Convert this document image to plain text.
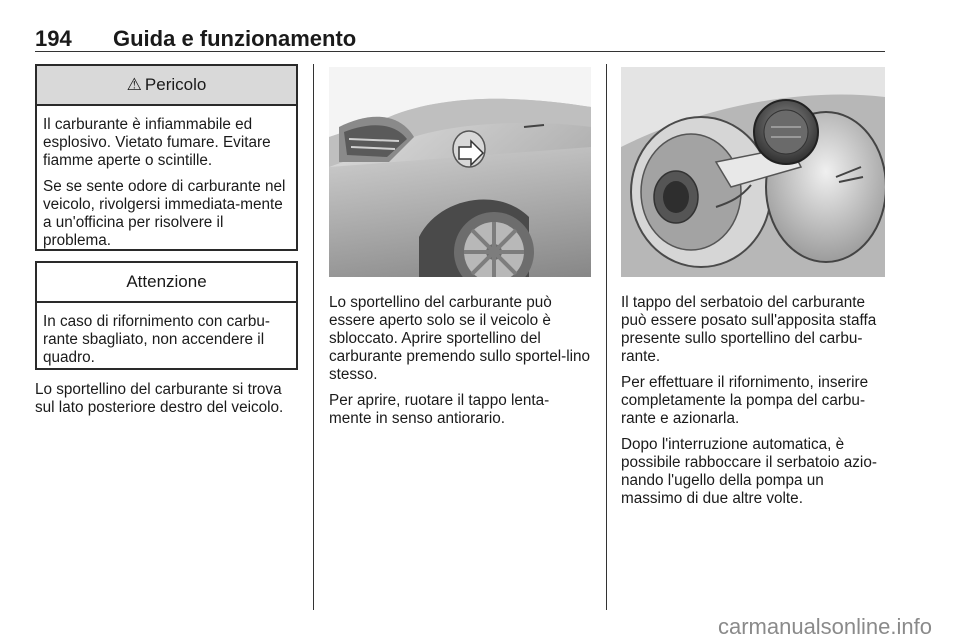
194 Guida e funzionamento
⚠ Pericolo

Il carburante è infiammabile ed esplosivo. Vietato fumare. Evitare fiamme aperte o scintille.

Se se sente odore di carburante nel veicolo, rivolgersi immediata-mente a un'officina per risolvere il problema.

Attenzione

In caso di rifornimento con carbu-rante sbagliato, non accendere il quadro.

Lo sportellino del carburante si trova sul lato posteriore destro del veicolo.

Lo sportellino del carburante può essere aperto solo se il veicolo è sbloccato. Aprire sportellino del carburante premendo sullo sportel-lino stesso.

Per aprire, ruotare il tappo lenta-mente in senso antiorario.

Il tappo del serbatoio del carburante può essere posato sull'apposita staffa presente sullo sportellino del carbu-rante.

Per effettuare il rifornimento, inserire completamente la pompa del carbu-rante e azionarla.

Dopo l'interruzione automatica, è possibile rabboccare il serbatoio azio-nando l'ugello della pompa un massimo di due altre volte.

carmanualsonline.info
